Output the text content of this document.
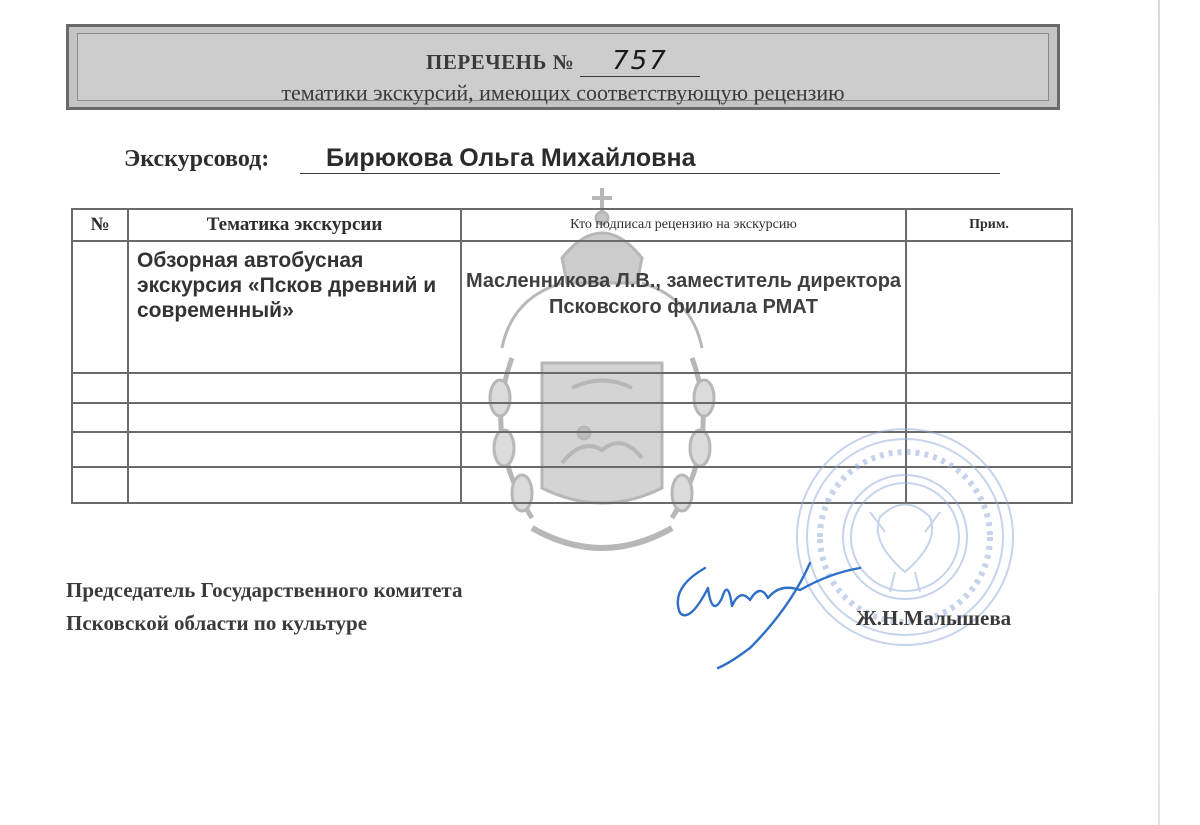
ПЕРЕЧЕНЬ № 757
тематики экскурсий, имеющих соответствующую рецензию
Экскурсовод:	Бирюкова Ольга Михайловна
№	Тематика экскурсии	Кто подписал рецензию на экскурсию	Прим.

	Обзорная автобусная экскурсия «Псков древний и современный»	Масленникова Л.В., заместитель директора Псковского филиала РМАТ	

Председатель Государственного комитета
Псковской области по культуре	Ж.Н.Малышева
